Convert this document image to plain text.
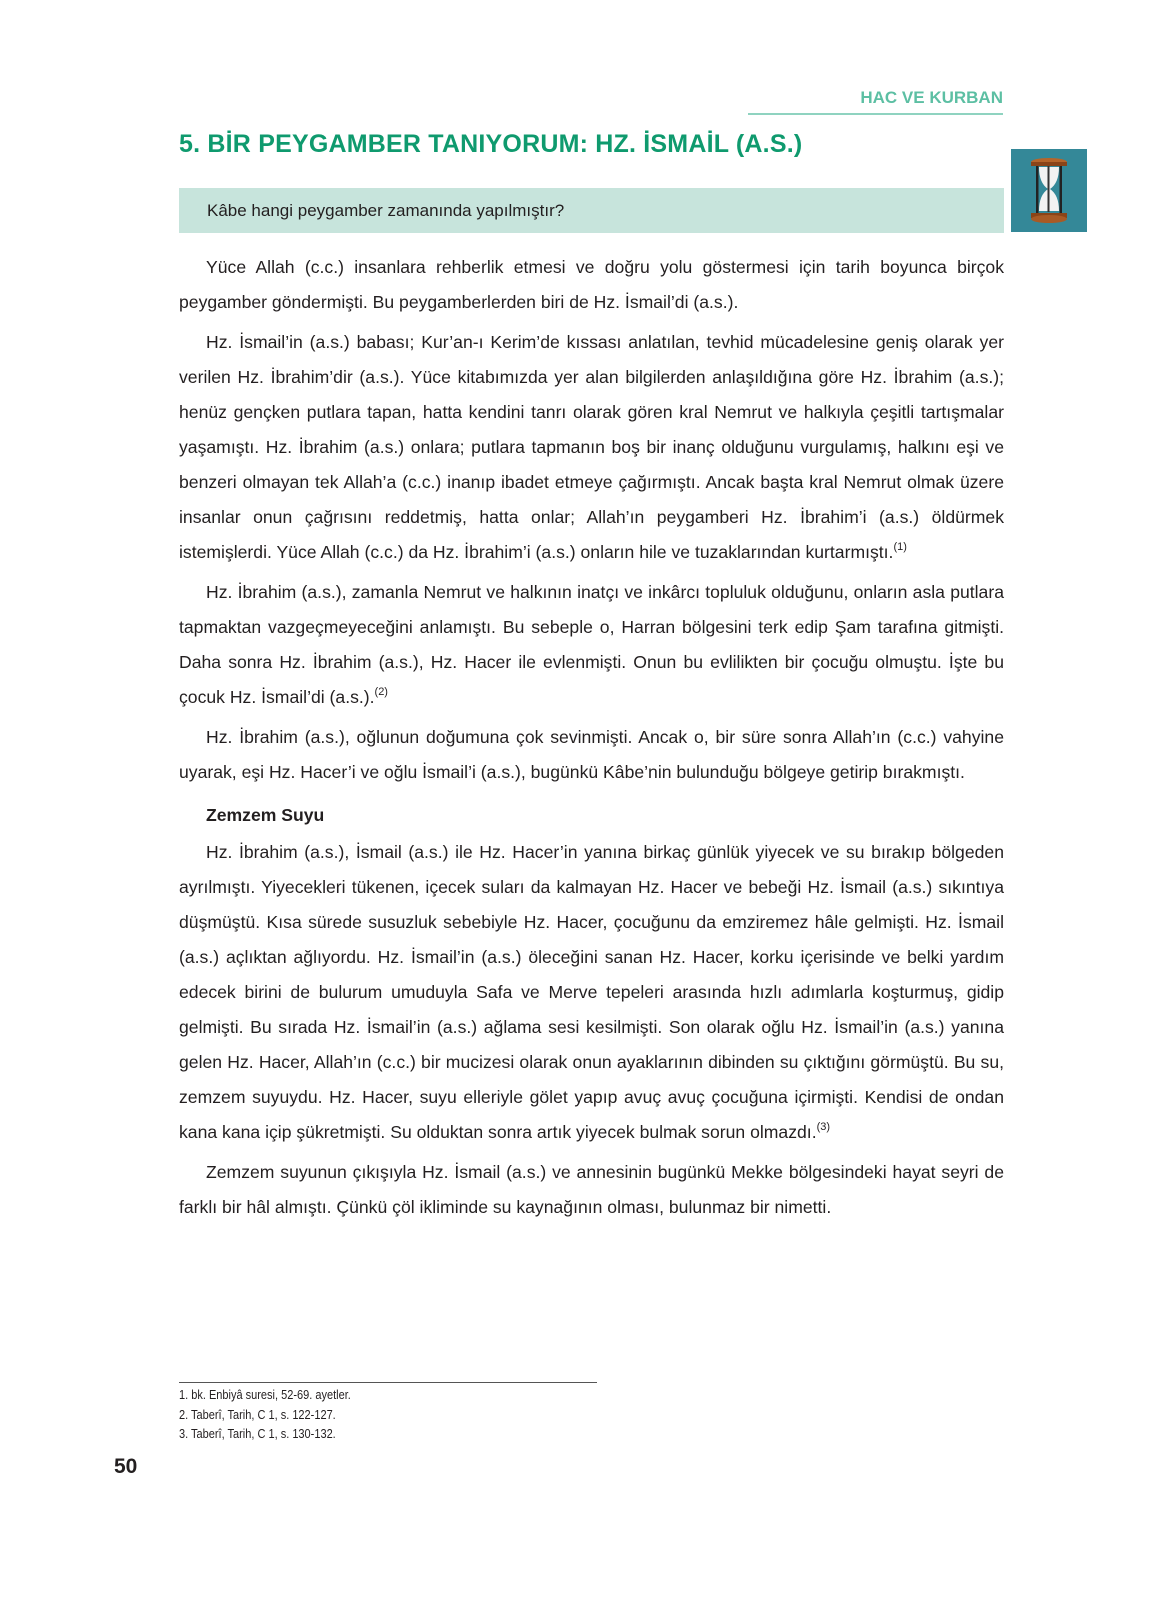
HAC VE KURBAN
5. BİR PEYGAMBER TANIYORUM: HZ. İSMAİL (A.S.)
Kâbe hangi peygamber zamanında yapılmıştır?

Yüce Allah (c.c.) insanlara rehberlik etmesi ve doğru yolu göstermesi için tarih boyunca birçok peygamber göndermişti. Bu peygamberlerden biri de Hz. İsmail’di (a.s.).

Hz. İsmail’in (a.s.) babası; Kur’an-ı Kerim’de kıssası anlatılan, tevhid mücadelesine geniş olarak yer verilen Hz. İbrahim’dir (a.s.). Yüce kitabımızda yer alan bilgilerden anlaşıldığına göre Hz. İbrahim (a.s.); henüz gençken putlara tapan, hatta kendini tanrı olarak gören kral Nemrut ve halkıyla çeşitli tartışmalar yaşamıştı. Hz. İbrahim (a.s.) onlara; putlara tapmanın boş bir inanç olduğunu vurgulamış, halkını eşi ve benzeri olmayan tek Allah’a (c.c.) inanıp ibadet etmeye çağırmıştı. Ancak başta kral Nemrut olmak üzere insanlar onun çağrısını reddetmiş, hatta onlar; Allah’ın peygamberi Hz. İbrahim’i (a.s.) öldürmek istemişlerdi. Yüce Allah (c.c.) da Hz. İbrahim’i (a.s.) onların hile ve tuzaklarından kurtarmıştı.$^{(1)}$

Hz. İbrahim (a.s.), zamanla Nemrut ve halkının inatçı ve inkârcı topluluk olduğunu, onların asla putlara tapmaktan vazgeçmeyeceğini anlamıştı. Bu sebeple o, Harran bölgesini terk edip Şam tarafına gitmişti. Daha sonra Hz. İbrahim (a.s.), Hz. Hacer ile evlenmişti. Onun bu evlilikten bir çocuğu olmuştu. İşte bu çocuk Hz. İsmail’di (a.s.).$^{(2)}$

Hz. İbrahim (a.s.), oğlunun doğumuna çok sevinmişti. Ancak o, bir süre sonra Allah’ın (c.c.) vahyine uyarak, eşi Hz. Hacer’i ve oğlu İsmail’i (a.s.), bugünkü Kâbe’nin bulunduğu bölgeye getirip bırakmıştı.

Zemzem Suyu

Hz. İbrahim (a.s.), İsmail (a.s.) ile Hz. Hacer’in yanına birkaç günlük yiyecek ve su bırakıp bölgeden ayrılmıştı. Yiyecekleri tükenen, içecek suları da kalmayan Hz. Hacer ve bebeği Hz. İsmail (a.s.) sıkıntıya düşmüştü. Kısa sürede susuzluk sebebiyle Hz. Hacer, çocuğunu da emziremez hâle gelmişti. Hz. İsmail (a.s.) açlıktan ağlıyordu. Hz. İsmail’in (a.s.) öleceğini sanan Hz. Hacer, korku içerisinde ve belki yardım edecek birini de bulurum umuduyla Safa ve Merve tepeleri arasında hızlı adımlarla koşturmuş, gidip gelmişti. Bu sırada Hz. İsmail’in (a.s.) ağlama sesi kesilmişti. Son olarak oğlu Hz. İsmail’in (a.s.) yanına gelen Hz. Hacer, Allah’ın (c.c.) bir mucizesi olarak onun ayaklarının dibinden su çıktığını görmüştü. Bu su, zemzem suyuydu. Hz. Hacer, suyu elleriyle gölet yapıp avuç avuç çocuğuna içirmişti. Kendisi de ondan kana kana içip şükretmişti. Su olduktan sonra artık yiyecek bulmak sorun olmazdı.$^{(3)}$

Zemzem suyunun çıkışıyla Hz. İsmail (a.s.) ve annesinin bugünkü Mekke bölgesindeki hayat seyri de farklı bir hâl almıştı. Çünkü çöl ikliminde su kaynağının olması, bulunmaz bir nimetti.

1. bk. Enbiyâ suresi, 52-69. ayetler.
2. Taberî, Tarih, C 1, s. 122-127.
3. Taberî, Tarih, C 1, s. 130-132.
50
